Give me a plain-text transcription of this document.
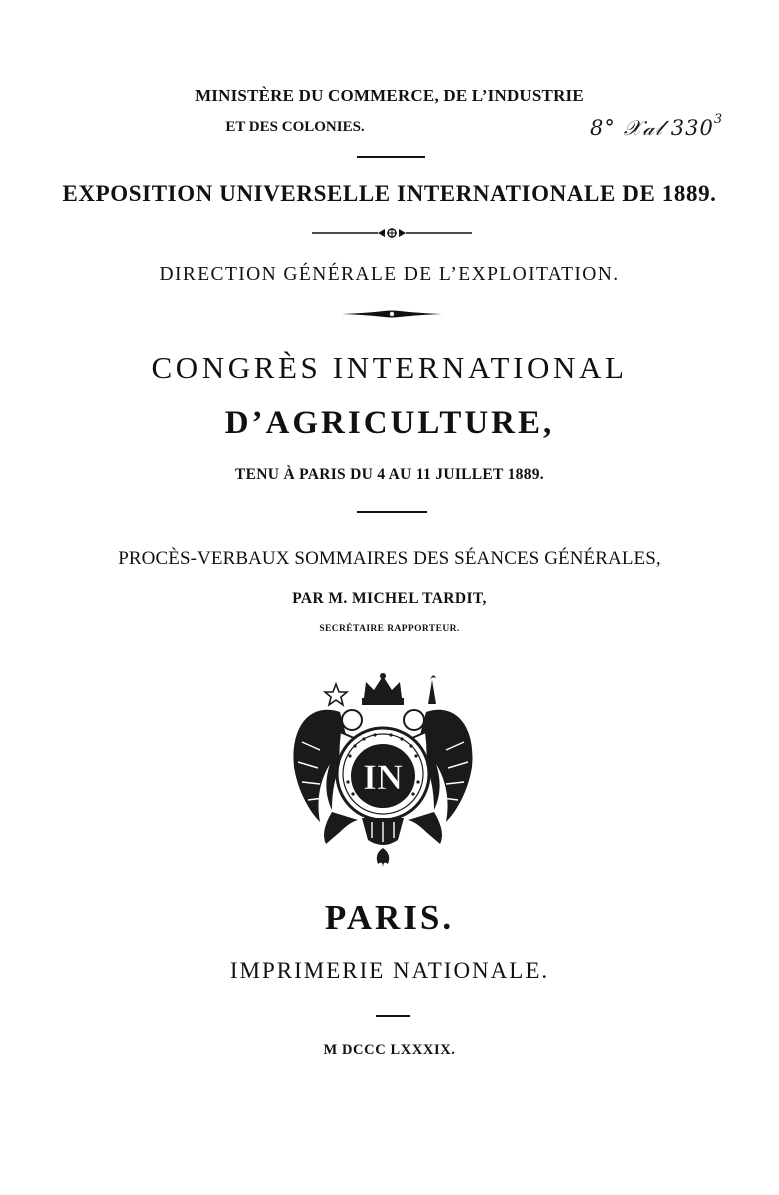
MINISTÈRE DU COMMERCE, DE L’INDUSTRIE
ET DES COLONIES.	8° 𝒳𝒶𝓁 $330^3$
EXPOSITION UNIVERSELLE INTERNATIONALE DE 1889.
DIRECTION GÉNÉRALE DE L’EXPLOITATION.
CONGRÈS INTERNATIONAL
D’AGRICULTURE,
TENU À PARIS DU 4 AU 11 JUILLET 1889.
PROCÈS-VERBAUX SOMMAIRES DES SÉANCES GÉNÉRALES,
PAR M. MICHEL TARDIT,
SECRÉTAIRE RAPPORTEUR.
IN
PARIS.
IMPRIMERIE NATIONALE.
M DCCC LXXXIX.
